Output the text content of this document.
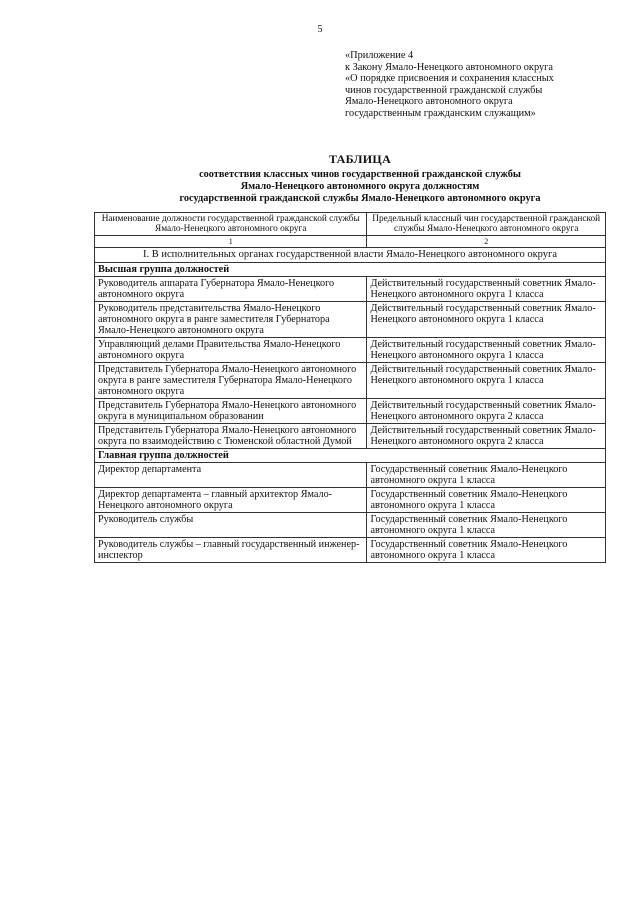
5
«Приложение 4
к Закону Ямало-Ненецкого автономного округа
«О порядке присвоения и сохранения классных
чинов государственной гражданской службы
Ямало-Ненецкого автономного округа
государственным гражданским служащим»
ТАБЛИЦА
соответствия классных чинов государственной гражданской службы
Ямало-Ненецкого автономного округа должностям
государственной гражданской службы Ямало-Ненецкого автономного округа
Наименование должности государственной гражданской службы Ямало-Ненецкого автономного округа	Предельный классный чин государственной гражданской службы Ямало-Ненецкого автономного округа
1	2
I. В исполнительных органах государственной власти Ямало-Ненецкого автономного округа	
Высшая группа должностей	
Руководитель аппарата Губернатора Ямало-Ненецкого автономного округа	Действительный государственный советник Ямало-Ненецкого автономного округа 1 класса
Руководитель представительства Ямало-Ненецкого автономного округа в ранге заместителя Губернатора Ямало-Ненецкого автономного округа	Действительный государственный советник Ямало-Ненецкого автономного округа 1 класса
Управляющий делами Правительства Ямало-Ненецкого автономного округа	Действительный государственный советник Ямало-Ненецкого автономного округа 1 класса
Представитель Губернатора Ямало-Ненецкого автономного округа в ранге заместителя Губернатора Ямало-Ненецкого автономного округа	Действительный государственный советник Ямало-Ненецкого автономного округа 1 класса
Представитель Губернатора Ямало-Ненецкого автономного округа в муниципальном образовании	Действительный государственный советник Ямало-Ненецкого автономного округа 2 класса
Представитель Губернатора Ямало-Ненецкого автономного округа по взаимодействию с Тюменской областной Думой	Действительный государственный советник Ямало-Ненецкого автономного округа 2 класса
Главная группа должностей	
Директор департамента	Государственный советник Ямало-Ненецкого автономного округа 1 класса
Директор департамента – главный архитектор Ямало-Ненецкого автономного округа	Государственный советник Ямало-Ненецкого автономного округа 1 класса
Руководитель службы	Государственный советник Ямало-Ненецкого автономного округа 1 класса
Руководитель службы – главный государственный инженер-инспектор	Государственный советник Ямало-Ненецкого автономного округа 1 класса
